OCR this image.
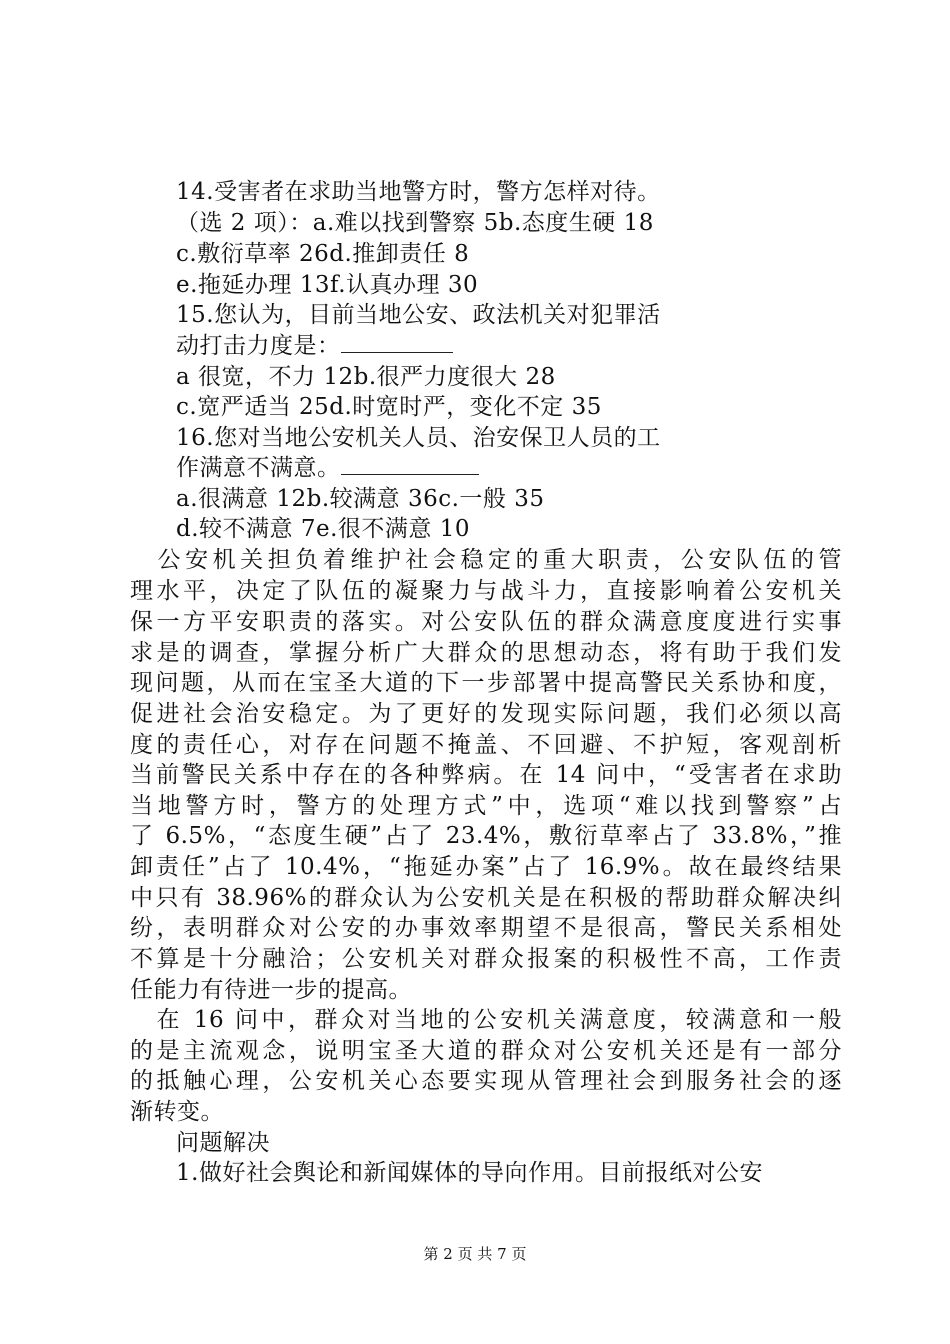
14.受害者在求助当地警方时，警方怎样对待。
（选 2 项）：a.难以找到警察 5b.态度生硬 18
c.敷衍草率 26d.推卸责任 8
e.拖延办理 13f.认真办理 30
15.您认为，目前当地公安、政法机关对犯罪活
动打击力度是：
a 很宽，不力 12b.很严力度很大 28
c.宽严适当 25d.时宽时严，变化不定 35
16.您对当地公安机关人员、治安保卫人员的工
作满意不满意。
a.很满意 12b.较满意 36c.一般 35
d.较不满意 7e.很不满意 10
　公安机关担负着维护社会稳定的重大职责，公安队伍的管
理水平，决定了队伍的凝聚力与战斗力，直接影响着公安机关
保一方平安职责的落实。对公安队伍的群众满意度度进行实事
求是的调查，掌握分析广大群众的思想动态，将有助于我们发
现问题，从而在宝圣大道的下一步部署中提高警民关系协和度，
促进社会治安稳定。为了更好的发现实际问题，我们必须以高
度的责任心，对存在问题不掩盖、不回避、不护短，客观剖析
当前警民关系中存在的各种弊病。在 14 问中，“受害者在求助
当地警方时，警方的处理方式”中，选项“难以找到警察”占
了 6.5%，“态度生硬”占了 23.4%，敷衍草率占了 33.8%，”推
卸责任”占了 10.4%，“拖延办案”占了 16.9%。故在最终结果
中只有 38.96%的群众认为公安机关是在积极的帮助群众解决纠
纷，表明群众对公安的办事效率期望不是很高，警民关系相处
不算是十分融洽；公安机关对群众报案的积极性不高，工作责
任能力有待进一步的提高。
　在 16 问中，群众对当地的公安机关满意度，较满意和一般
的是主流观念，说明宝圣大道的群众对公安机关还是有一部分
的抵触心理，公安机关心态要实现从管理社会到服务社会的逐
渐转变。
问题解决
1.做好社会舆论和新闻媒体的导向作用。目前报纸对公安
第 2 页 共 7 页
